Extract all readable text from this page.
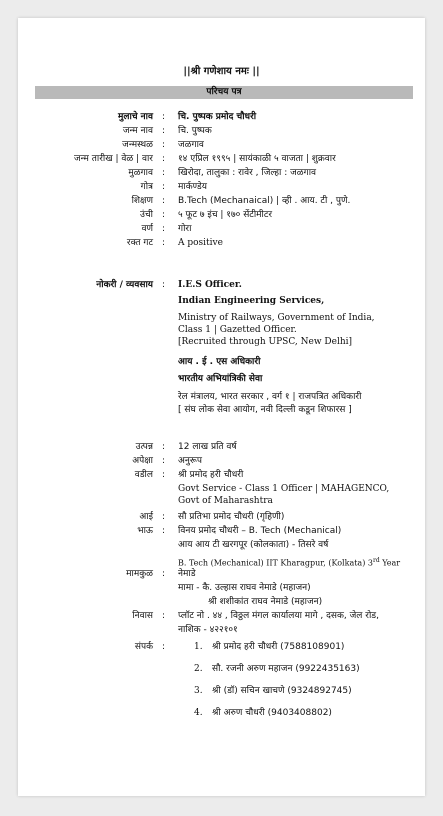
||श्री गणेशाय नमः ||
परिचय पत्र
मुलाचे नाव : चि. पुष्पक प्रमोद चौधरी
जन्म नाव : चि. पुष्पक
जन्मस्थळ : जळगाव
जन्म तारीख | वेळ | वार : १४ एप्रिल १९९५ | सायंकाळी ५ वाजता | शुक्रवार
मुळगाव : खिरोदा, तालुका : रावेर , जिल्हा : जळगाव
गोत्र : मार्कण्डेय
शिक्षण : B.Tech (Mechanaical) | व्ही . आय. टी , पुणे.
उंची : ५ फूट ७ इंच | १७० सेंटीमीटर
वर्ण : गोरा
रक्त गट : A positive
नोकरी / व्यवसाय : I.E.S Officer.
Indian Engineering Services,
Ministry of Railways, Government of India,
Class 1 | Gazetted Officer.
[Recruited through UPSC, New Delhi]
आय . ई . एस अधिकारी
भारतीय अभियांत्रिकी सेवा
रेल मंत्रालय, भारत सरकार , वर्ग १ | राजपत्रित अधिकारी
[ संघ लोक सेवा आयोग, नवी दिल्ली कडून शिफारस ]
उत्पन्न : 12 लाख प्रति वर्ष
अपेक्षा : अनुरूप
वडील : श्री प्रमोद हरी चौधरी
Govt Service - Class 1 Officer | MAHAGENCO,
Govt of Maharashtra
आई : सौ प्रतिभा प्रमोद चौधरी (गृहिणी)
भाऊ : विनय प्रमोद चौधरी – B. Tech (Mechanical)
आय आय टी खरगपूर (कोलकाता) - तिसरे वर्ष
B. Tech (Mechanical) IIT Kharagpur, (Kolkata) 3rd Year
मामकुळ : नेमाडे
मामा - कै. उल्हास राघव नेमाडे (महाजन)
श्री शशीकांत राघव नेमाडे (महाजन)
निवास : प्लॉट नो . ४४ , विठ्ठल मंगल कार्यालया मागे , दसक, जेल रोड,
नाशिक - ४२२१०१
संपर्क :	1. श्री प्रमोद हरी चौधरी (7588108901)
2. सौ. रजनी अरुण महाजन (9922435163)
3. श्री (डॉ) सचिन खाचणे (9324892745)
4. श्री अरुण चौधरी (9403408802)
